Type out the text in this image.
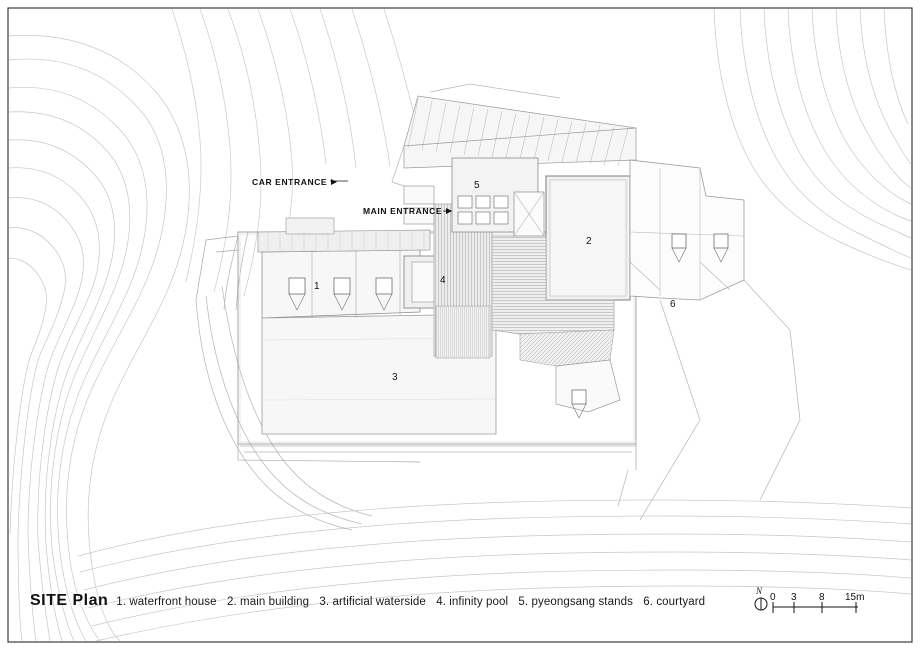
CAR ENTRANCE
MAIN ENTRANCE
1
2
3
4
5
6
SITE Plan 1. waterfront house 2. main building 3. artificial waterside 4. infinity pool 5. pyeongsang stands 6. courtyard
N
0 3 8 15m
